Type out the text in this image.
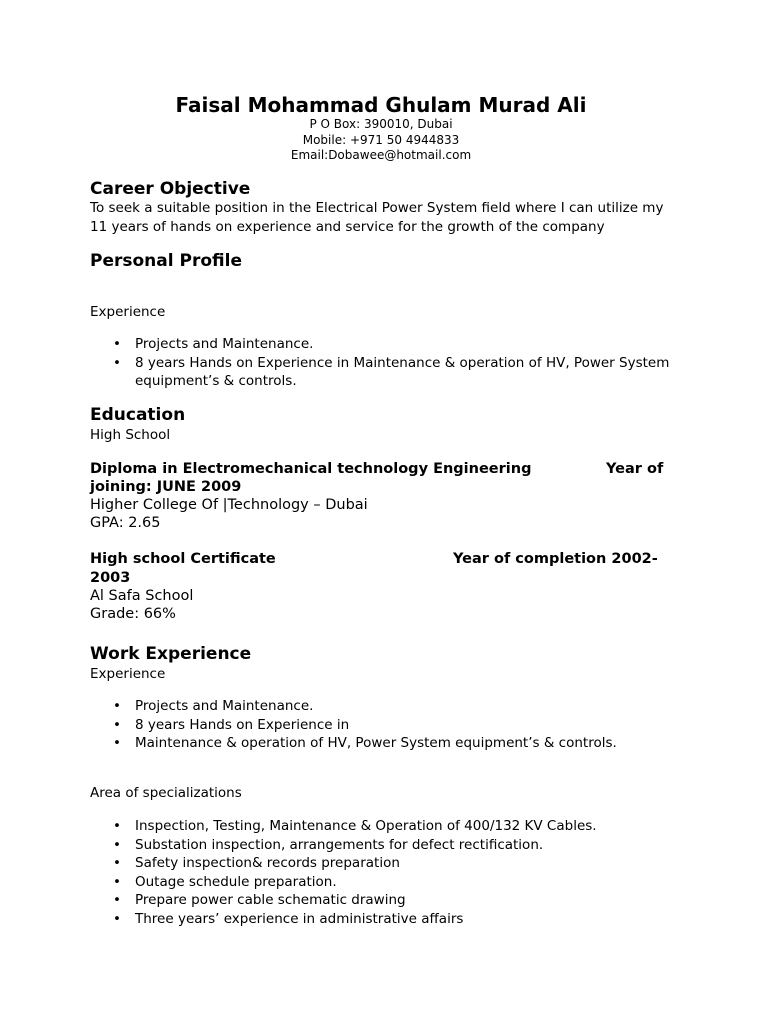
Faisal Mohammad Ghulam Murad Ali
P O Box: 390010, Dubai
Mobile: +971 50 4944833
Email:Dobawee@hotmail.com
Career Objective
To seek a suitable position in the Electrical Power System field where I can utilize my 11 years of hands on experience and service for the growth of the company
Personal Profile
Experience
• Projects and Maintenance.
• 8 years Hands on Experience in Maintenance & operation of HV, Power System equipment’s & controls.
Education
High School
Diploma in Electromechanical technology Engineering	Year of
joining: JUNE 2009
Higher College Of |Technology – Dubai
GPA: 2.65
High school Certificate	Year of completion 2002-
2003
Al Safa School
Grade: 66%
Work Experience
Experience
• Projects and Maintenance.
• 8 years Hands on Experience in
• Maintenance & operation of HV, Power System equipment’s & controls.
Area of specializations
• Inspection, Testing, Maintenance & Operation of 400/132 KV Cables.
• Substation inspection, arrangements for defect rectification.
• Safety inspection& records preparation
• Outage schedule preparation.
• Prepare power cable schematic drawing
• Three years’ experience in administrative affairs
